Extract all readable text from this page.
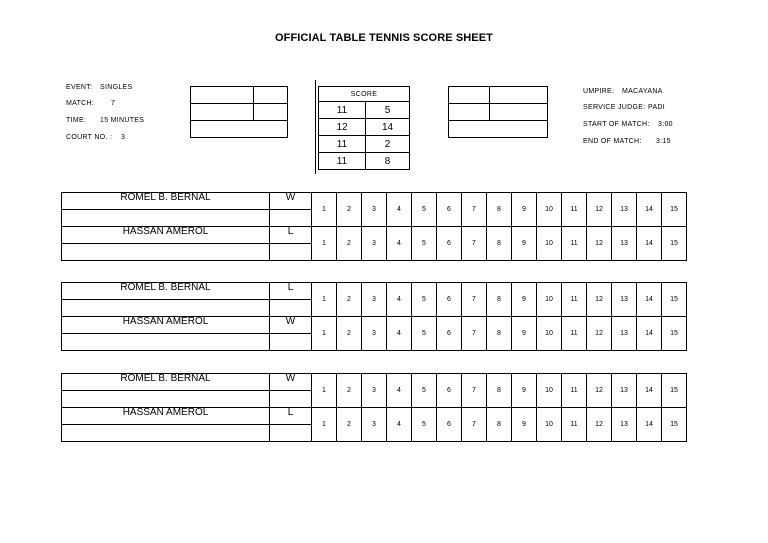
OFFICIAL TABLE TENNIS SCORE SHEET
EVENT: SINGLES
MATCH: 7
TIME: 15 MINUTES
COURT NO. : 3

SCORE	
11	5
12	14
11	2
11	8

UMPIRE: MACAYANA
SERVICE JUDGE: PADI
START OF MATCH: 3:00
END OF MATCH: 3:15
ROMEL B. BERNAL	W	1	2	3	4	5	6	7	8	9	10	11	12	13	14	15

HASSAN AMEROL	L	1	2	3	4	5	6	7	8	9	10	11	12	13	14	15

ROMEL B. BERNAL	L	1	2	3	4	5	6	7	8	9	10	11	12	13	14	15

HASSAN AMEROL	W	1	2	3	4	5	6	7	8	9	10	11	12	13	14	15

ROMEL B. BERNAL	W	1	2	3	4	5	6	7	8	9	10	11	12	13	14	15

HASSAN AMEROL	L	1	2	3	4	5	6	7	8	9	10	11	12	13	14	15
